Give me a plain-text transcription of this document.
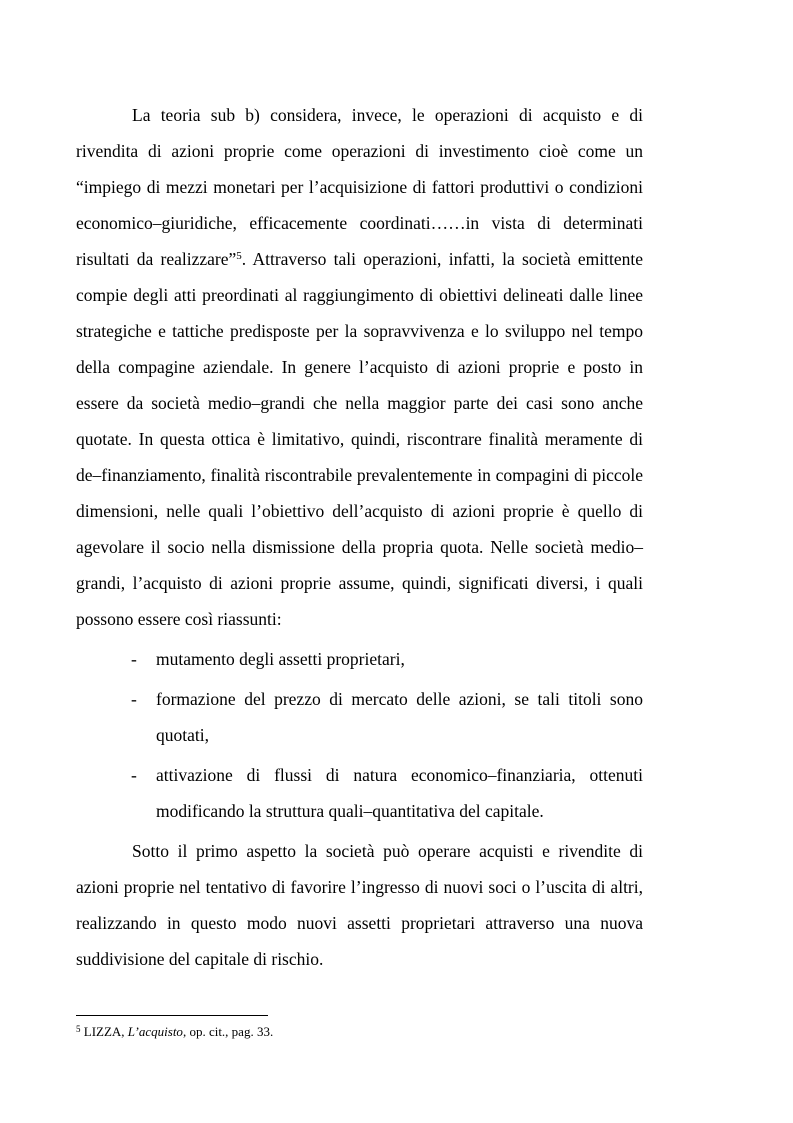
La teoria sub b) considera, invece, le operazioni di acquisto e di rivendita di azioni proprie come operazioni di investimento cioè come un “impiego di mezzi monetari per l’acquisizione di fattori produttivi o condizioni economico–giuridiche, efficacemente coordinati……in vista di determinati risultati da realizzare”$^5$. Attraverso tali operazioni, infatti, la società emittente compie degli atti preordinati al raggiungimento di obiettivi delineati dalle linee strategiche e tattiche predisposte per la sopravvivenza e lo sviluppo nel tempo della compagine aziendale. In genere l’acquisto di azioni proprie e posto in essere da società medio–grandi che nella maggior parte dei casi sono anche quotate. In questa ottica è limitativo, quindi, riscontrare finalità meramente di de–finanziamento, finalità riscontrabile prevalentemente in compagini di piccole dimensioni, nelle quali l’obiettivo dell’acquisto di azioni proprie è quello di agevolare il socio nella dismissione della propria quota. Nelle società medio–grandi, l’acquisto di azioni proprie assume, quindi, significati diversi, i quali possono essere così riassunti:

- mutamento degli assetti proprietari,
- formazione del prezzo di mercato delle azioni, se tali titoli sono quotati,
- attivazione di flussi di natura economico–finanziaria, ottenuti modificando la struttura quali–quantitativa del capitale.

Sotto il primo aspetto la società può operare acquisti e rivendite di azioni proprie nel tentativo di favorire l’ingresso di nuovi soci o l’uscita di altri, realizzando in questo modo nuovi assetti proprietari attraverso una nuova suddivisione del capitale di rischio.

$^5$ LIZZA, L’acquisto, op. cit., pag. 33.
